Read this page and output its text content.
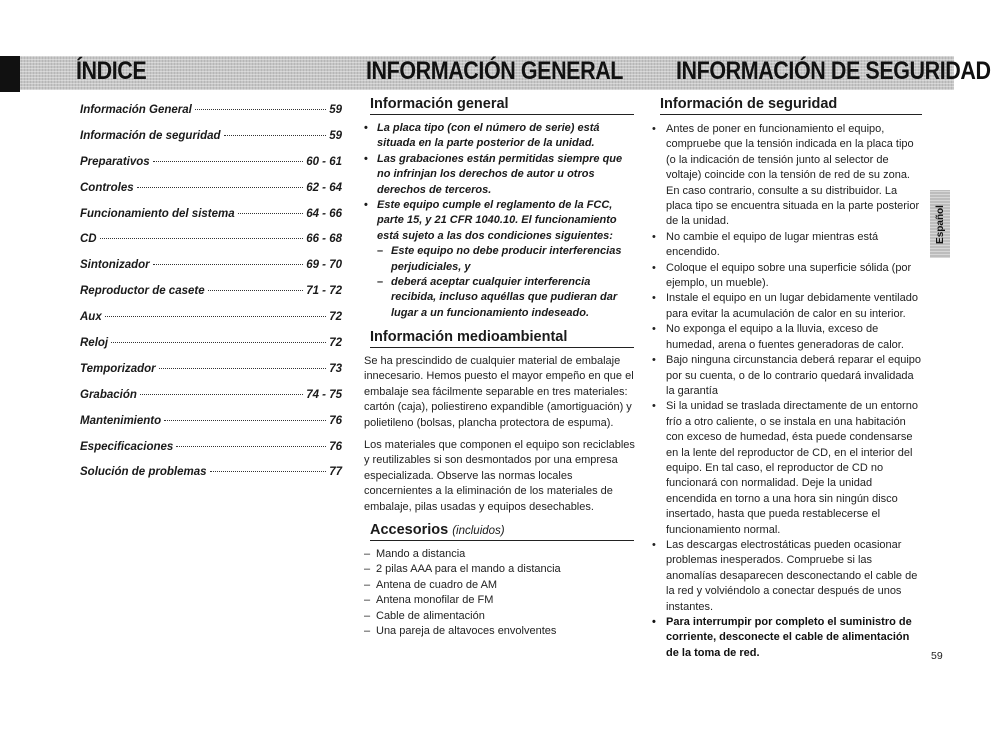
ÍNDICE	INFORMACIÓN GENERAL INFORMACIÓN DE SEGURIDAD
Información General	59
Información de seguridad	59
Preparativos	60 - 61
Controles	62 - 64
Funcionamiento del sistema	64 - 66
CD	66 - 68
Sintonizador	69 - 70
Reproductor de casete	71 - 72
Aux	72
Reloj	72
Temporizador	73
Grabación	74 - 75
Mantenimiento	76
Especificaciones	76
Solución de problemas	77
Información general
• La placa tipo (con el número de serie) está situada en la parte posterior de la unidad.
• Las grabaciones están permitidas siempre que no infrinjan los derechos de autor u otros derechos de terceros.
• Este equipo cumple el reglamento de la FCC, parte 15, y 21 CFR 1040.10. El funcionamiento está sujeto a las dos condiciones siguientes:
– Este equipo no debe producir interferencias perjudiciales, y
– deberá aceptar cualquier interferencia recibida, incluso aquéllas que pudieran dar lugar a un funcionamiento indeseado.
Información medioambiental

Se ha prescindido de cualquier material de embalaje innecesario. Hemos puesto el mayor empeño en que el embalaje sea fácilmente separable en tres materiales: cartón (caja), poliestireno expandible (amortiguación) y polietileno (bolsas, plancha protectora de espuma).

Los materiales que componen el equipo son reciclables y reutilizables si son desmontados por una empresa especializada. Observe las normas locales concernientes a la eliminación de los materiales de embalaje, pilas usadas y equipos desechables.

Accesorios (incluidos)
– Mando a distancia
– 2 pilas AAA para el mando a distancia
– Antena de cuadro de AM
– Antena monofilar de FM
– Cable de alimentación
– Una pareja de altavoces envolventes
Información de seguridad
• Antes de poner en funcionamiento el equipo, compruebe que la tensión indicada en la placa tipo (o la indicación de tensión junto al selector de voltaje) coincide con la tensión de red de su zona. En caso contrario, consulte a su distribuidor. La placa tipo se encuentra situada en la parte posterior de la unidad.
• No cambie el equipo de lugar mientras está encendido.
• Coloque el equipo sobre una superficie sólida (por ejemplo, un mueble).
• Instale el equipo en un lugar debidamente ventilado para evitar la acumulación de calor en su interior.
• No exponga el equipo a la lluvia, exceso de humedad, arena o fuentes generadoras de calor.
• Bajo ninguna circunstancia deberá reparar el equipo por su cuenta, o de lo contrario quedará invalidada la garantía
• Si la unidad se traslada directamente de un entorno frío a otro caliente, o se instala en una habitación con exceso de humedad, ésta puede condensarse en la lente del reproductor de CD, en el interior del equipo. En tal caso, el reproductor de CD no funcionará con normalidad. Deje la unidad encendida en torno a una hora sin ningún disco insertado, hasta que pueda restablecerse el funcionamiento normal.
• Las descargas electrostáticas pueden ocasionar problemas inesperados. Compruebe si las anomalías desaparecen desconectando el cable de la red y volviéndolo a conectar después de unos instantes.
• Para interrumpir por completo el suministro de corriente, desconecte el cable de alimentación de la toma de red.
Español
59
